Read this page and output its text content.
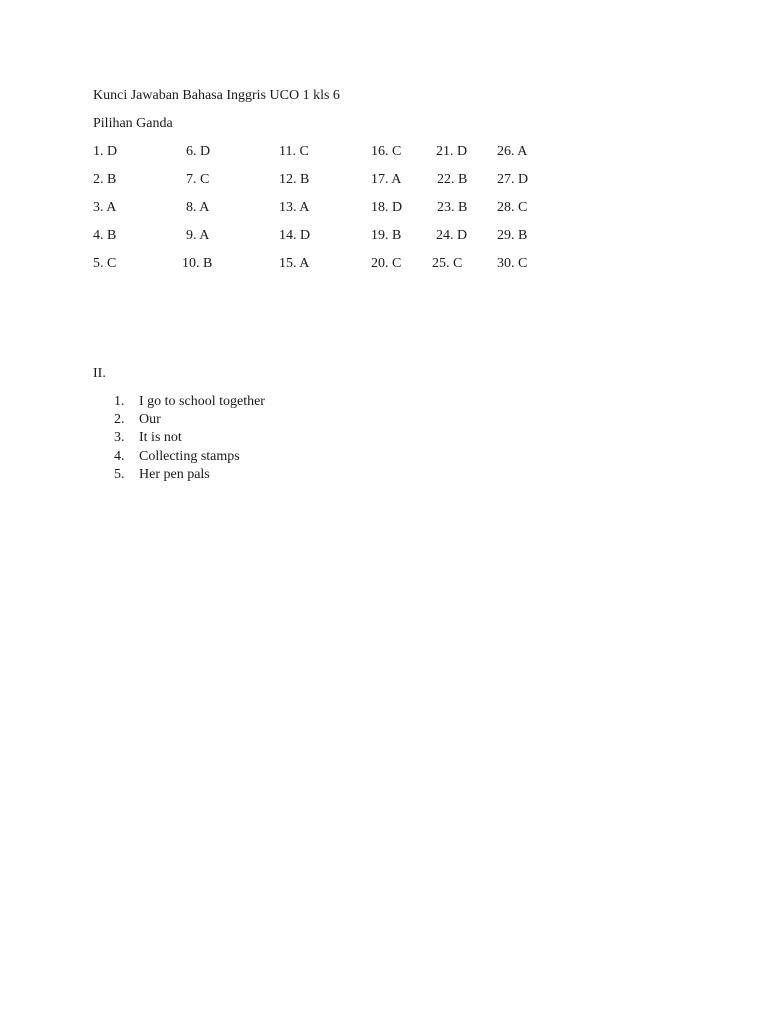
Kunci Jawaban Bahasa Inggris UCO 1 kls 6
Pilihan Ganda
1. D
2. B
3. A
4. B
5. C
6. D
7. C
8. A
9. A
10. B
11. C
12. B
13. A
14. D
15. A
16. C
17. A
18. D
19. B
20. C
21. D
22. B
23. B
24. D
25. C
26. A
27. D
28. C
29. B
30. C
II.
1. I go to school together
2. Our
3. It is not
4. Collecting stamps
5. Her pen pals
